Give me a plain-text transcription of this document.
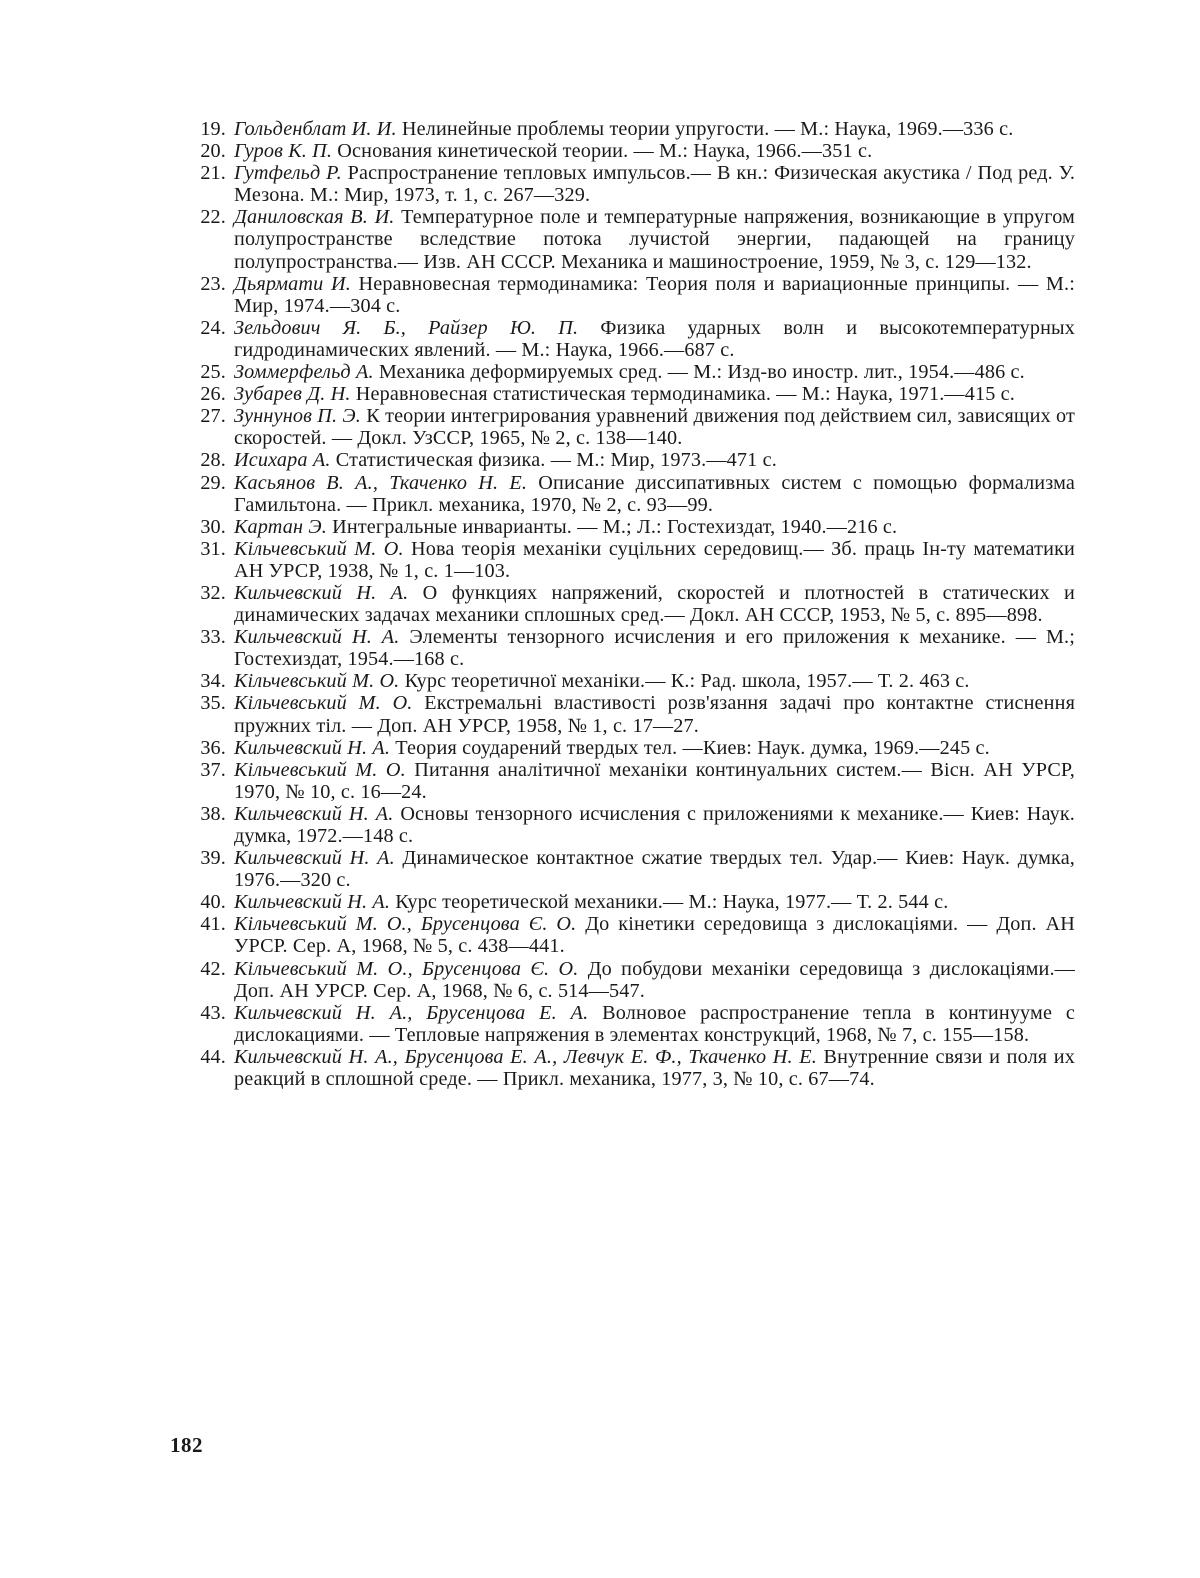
19. Гольденблат И. И. Нелинейные проблемы теории упругости. — М.: Наука, 1969.—336 с.
20. Гуров К. П. Основания кинетической теории. — М.: Наука, 1966.—351 с.
21. Гутфельд Р. Распространение тепловых импульсов.— В кн.: Физическая акустика / Под ред. У. Мезона. М.: Мир, 1973, т. 1, с. 267—329.
22. Даниловская В. И. Температурное поле и температурные напряжения, возникающие в упругом полупространстве вследствие потока лучистой энергии, падающей на границу полупространства.— Изв. АН СССР. Механика и машиностроение, 1959, № 3, с. 129—132.
23. Дьярмати И. Неравновесная термодинамика: Теория поля и вариационные принципы. — М.: Мир, 1974.—304 с.
24. Зельдович Я. Б., Райзер Ю. П. Физика ударных волн и высокотемпературных гидродинамических явлений. — М.: Наука, 1966.—687 с.
25. Зоммерфельд А. Механика деформируемых сред. — М.: Изд-во иностр. лит., 1954.—486 с.
26. Зубарев Д. Н. Неравновесная статистическая термодинамика. — М.: Наука, 1971.—415 с.
27. Зуннунов П. Э. К теории интегрирования уравнений движения под действием сил, зависящих от скоростей. — Докл. УзССР, 1965, № 2, с. 138—140.
28. Исихара А. Статистическая физика. — М.: Мир, 1973.—471 с.
29. Касьянов В. А., Ткаченко Н. Е. Описание диссипативных систем с помощью формализма Гамильтона. — Прикл. механика, 1970, № 2, с. 93—99.
30. Картан Э. Интегральные инварианты. — М.; Л.: Гостехиздат, 1940.—216 с.
31. Кільчевський М. О. Нова теорія механіки суцільних середовищ.— Зб. праць Ін-ту математики АН УРСР, 1938, № 1, с. 1—103.
32. Кильчевский Н. А. О функциях напряжений, скоростей и плотностей в статических и динамических задачах механики сплошных сред.— Докл. АН СССР, 1953, № 5, с. 895—898.
33. Кильчевский Н. А. Элементы тензорного исчисления и его приложения к механике. — М.; Гостехиздат, 1954.—168 с.
34. Кільчевський М. О. Курс теоретичної механіки.— К.: Рад. школа, 1957.— Т. 2. 463 с.
35. Кільчевський М. О. Екстремальні властивості розв'язання задачі про контактне стиснення пружних тіл. — Доп. АН УРСР, 1958, № 1, с. 17—27.
36. Кильчевский Н. А. Теория соударений твердых тел. —Киев: Наук. думка, 1969.—245 с.
37. Кільчевський М. О. Питання аналітичної механіки континуальних систем.— Вісн. АН УРСР, 1970, № 10, с. 16—24.
38. Кильчевский Н. А. Основы тензорного исчисления с приложениями к механике.— Киев: Наук. думка, 1972.—148 с.
39. Кильчевский Н. А. Динамическое контактное сжатие твердых тел. Удар.— Киев: Наук. думка, 1976.—320 с.
40. Кильчевский Н. А. Курс теоретической механики.— М.: Наука, 1977.— Т. 2. 544 с.
41. Кільчевський М. О., Брусенцова Є. О. До кінетики середовища з дислокаціями. — Доп. АН УРСР. Сер. А, 1968, № 5, с. 438—441.
42. Кільчевський М. О., Брусенцова Є. О. До побудови механіки середовища з дислокаціями.— Доп. АН УРСР. Сер. А, 1968, № 6, с. 514—547.
43. Кильчевский Н. А., Брусенцова Е. А. Волновое распространение тепла в континууме с дислокациями. — Тепловые напряжения в элементах конструкций, 1968, № 7, с. 155—158.
44. Кильчевский Н. А., Брусенцова Е. А., Левчук Е. Ф., Ткаченко Н. Е. Внутренние связи и поля их реакций в сплошной среде. — Прикл. механика, 1977, 3, № 10, с. 67—74.
182
